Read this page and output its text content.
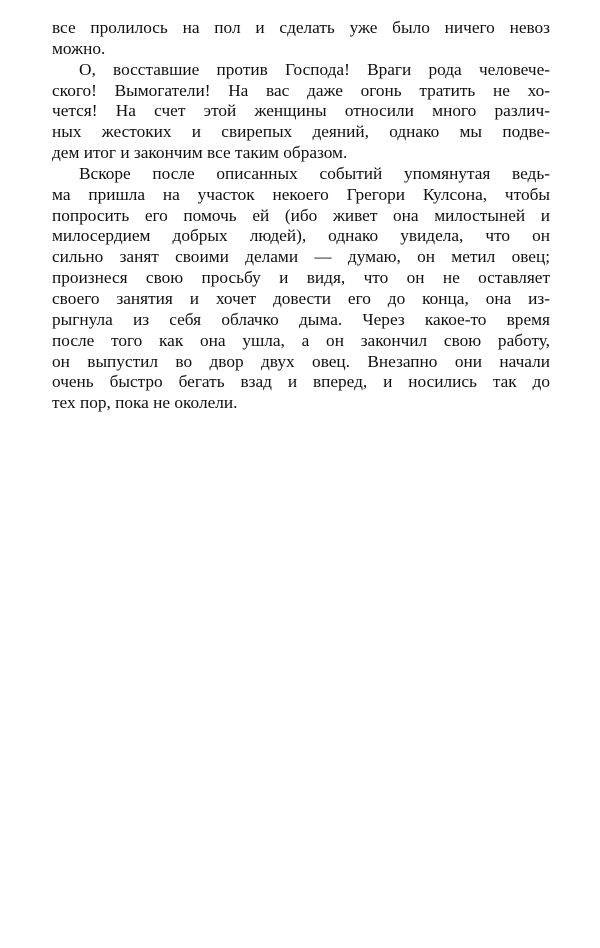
все пролилось на пол и сделать уже было ничего невоз
можно.
О, восставшие против Господа! Враги рода человече-
ского! Вымогатели! На вас даже огонь тратить не хо-
чется! На счет этой женщины относили много различ-
ных жестоких и свирепых деяний, однако мы подве-
дем итог и закончим все таким образом.
Вскоре после описанных событий упомянутая ведь-
ма пришла на участок некоего Грегори Кулсона, чтобы
попросить его помочь ей (ибо живет она милостыней и
милосердием добрых людей), однако увидела, что он
сильно занят своими делами — думаю, он метил овец;
произнеся свою просьбу и видя, что он не оставляет
своего занятия и хочет довести его до конца, она из-
рыгнула из себя облачко дыма. Через какое-то время
после того как она ушла, а он закончил свою работу,
он выпустил во двор двух овец. Внезапно они начали
очень быстро бегать взад и вперед, и носились так до
тех пор, пока не околели.
